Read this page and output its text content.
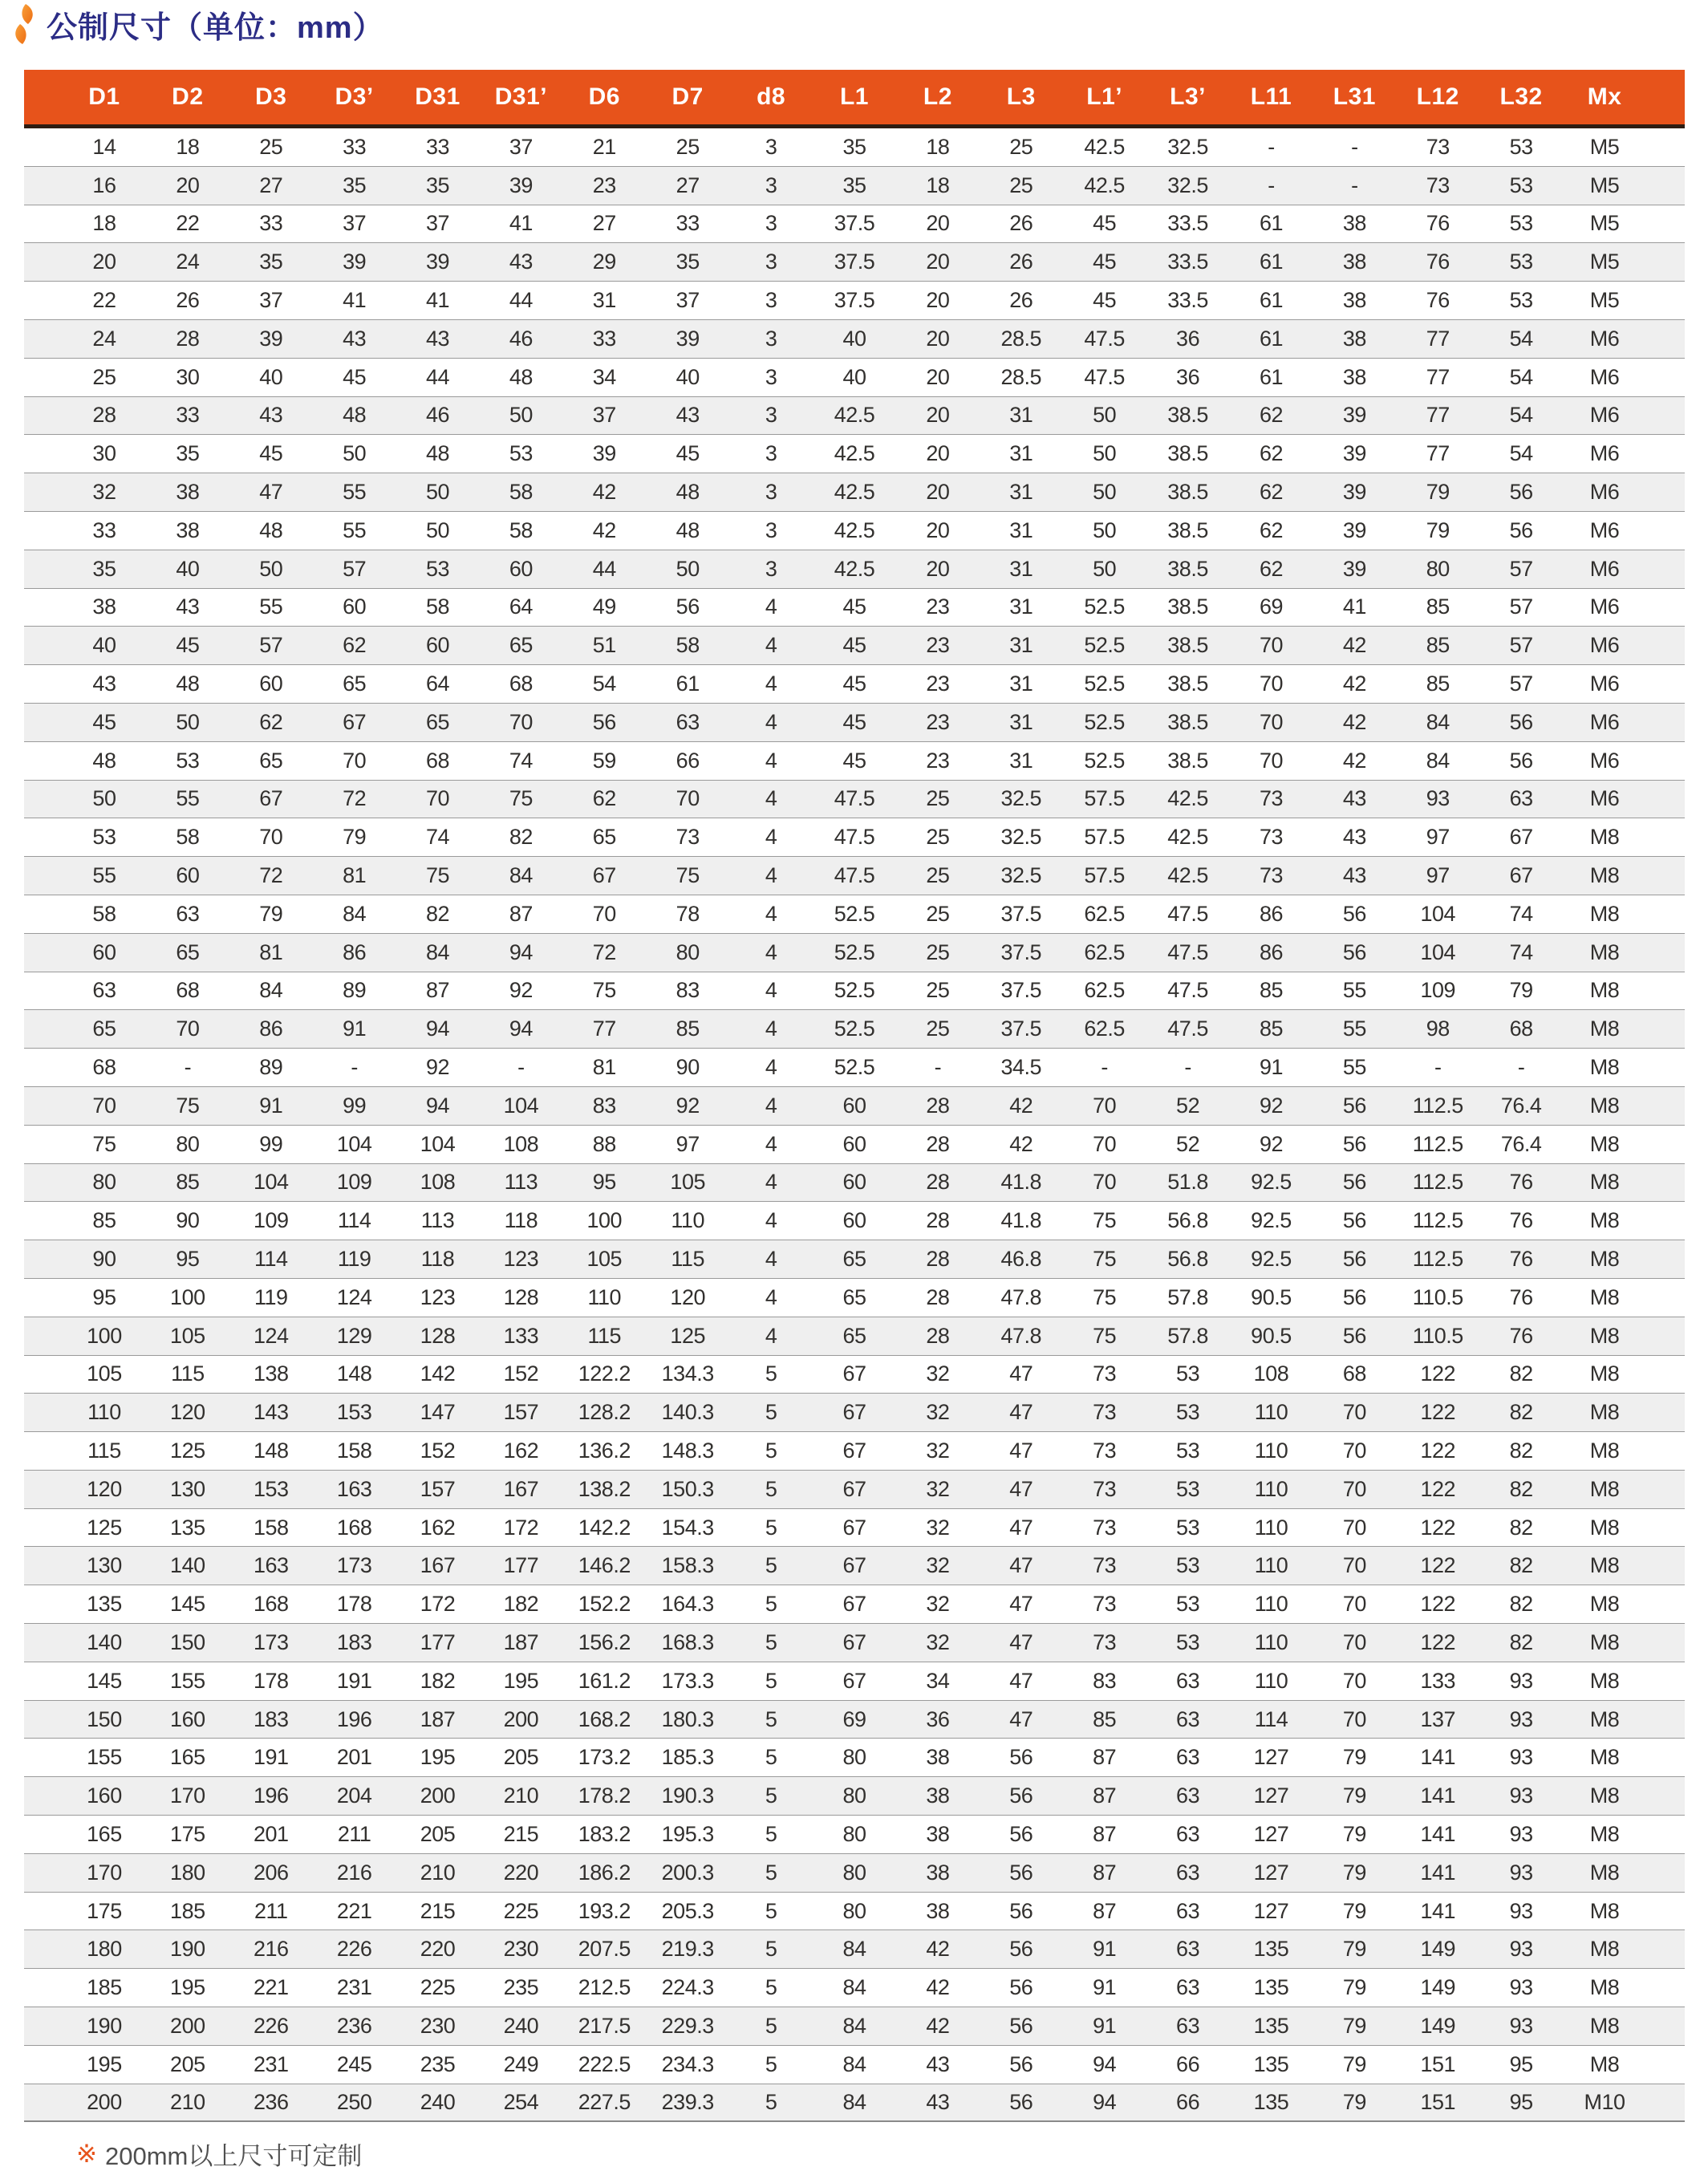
公制尺寸（单位：mm）
D1	D2	D3	D3’	D31	D31’	D6	D7	d8	L1	L2	L3	L1’	L3’	L11	L31	L12	L32	Mx
14	18	25	33	33	37	21	25	3	35	18	25	42.5	32.5	-	-	73	53	M5
16	20	27	35	35	39	23	27	3	35	18	25	42.5	32.5	-	-	73	53	M5
18	22	33	37	37	41	27	33	3	37.5	20	26	45	33.5	61	38	76	53	M5
20	24	35	39	39	43	29	35	3	37.5	20	26	45	33.5	61	38	76	53	M5
22	26	37	41	41	44	31	37	3	37.5	20	26	45	33.5	61	38	76	53	M5
24	28	39	43	43	46	33	39	3	40	20	28.5	47.5	36	61	38	77	54	M6
25	30	40	45	44	48	34	40	3	40	20	28.5	47.5	36	61	38	77	54	M6
28	33	43	48	46	50	37	43	3	42.5	20	31	50	38.5	62	39	77	54	M6
30	35	45	50	48	53	39	45	3	42.5	20	31	50	38.5	62	39	77	54	M6
32	38	47	55	50	58	42	48	3	42.5	20	31	50	38.5	62	39	79	56	M6
33	38	48	55	50	58	42	48	3	42.5	20	31	50	38.5	62	39	79	56	M6
35	40	50	57	53	60	44	50	3	42.5	20	31	50	38.5	62	39	80	57	M6
38	43	55	60	58	64	49	56	4	45	23	31	52.5	38.5	69	41	85	57	M6
40	45	57	62	60	65	51	58	4	45	23	31	52.5	38.5	70	42	85	57	M6
43	48	60	65	64	68	54	61	4	45	23	31	52.5	38.5	70	42	85	57	M6
45	50	62	67	65	70	56	63	4	45	23	31	52.5	38.5	70	42	84	56	M6
48	53	65	70	68	74	59	66	4	45	23	31	52.5	38.5	70	42	84	56	M6
50	55	67	72	70	75	62	70	4	47.5	25	32.5	57.5	42.5	73	43	93	63	M6
53	58	70	79	74	82	65	73	4	47.5	25	32.5	57.5	42.5	73	43	97	67	M8
55	60	72	81	75	84	67	75	4	47.5	25	32.5	57.5	42.5	73	43	97	67	M8
58	63	79	84	82	87	70	78	4	52.5	25	37.5	62.5	47.5	86	56	104	74	M8
60	65	81	86	84	94	72	80	4	52.5	25	37.5	62.5	47.5	86	56	104	74	M8
63	68	84	89	87	92	75	83	4	52.5	25	37.5	62.5	47.5	85	55	109	79	M8
65	70	86	91	94	94	77	85	4	52.5	25	37.5	62.5	47.5	85	55	98	68	M8
68	-	89	-	92	-	81	90	4	52.5	-	34.5	-	-	91	55	-	-	M8
70	75	91	99	94	104	83	92	4	60	28	42	70	52	92	56	112.5	76.4	M8
75	80	99	104	104	108	88	97	4	60	28	42	70	52	92	56	112.5	76.4	M8
80	85	104	109	108	113	95	105	4	60	28	41.8	70	51.8	92.5	56	112.5	76	M8
85	90	109	114	113	118	100	110	4	60	28	41.8	75	56.8	92.5	56	112.5	76	M8
90	95	114	119	118	123	105	115	4	65	28	46.8	75	56.8	92.5	56	112.5	76	M8
95	100	119	124	123	128	110	120	4	65	28	47.8	75	57.8	90.5	56	110.5	76	M8
100	105	124	129	128	133	115	125	4	65	28	47.8	75	57.8	90.5	56	110.5	76	M8
105	115	138	148	142	152	122.2	134.3	5	67	32	47	73	53	108	68	122	82	M8
110	120	143	153	147	157	128.2	140.3	5	67	32	47	73	53	110	70	122	82	M8
115	125	148	158	152	162	136.2	148.3	5	67	32	47	73	53	110	70	122	82	M8
120	130	153	163	157	167	138.2	150.3	5	67	32	47	73	53	110	70	122	82	M8
125	135	158	168	162	172	142.2	154.3	5	67	32	47	73	53	110	70	122	82	M8
130	140	163	173	167	177	146.2	158.3	5	67	32	47	73	53	110	70	122	82	M8
135	145	168	178	172	182	152.2	164.3	5	67	32	47	73	53	110	70	122	82	M8
140	150	173	183	177	187	156.2	168.3	5	67	32	47	73	53	110	70	122	82	M8
145	155	178	191	182	195	161.2	173.3	5	67	34	47	83	63	110	70	133	93	M8
150	160	183	196	187	200	168.2	180.3	5	69	36	47	85	63	114	70	137	93	M8
155	165	191	201	195	205	173.2	185.3	5	80	38	56	87	63	127	79	141	93	M8
160	170	196	204	200	210	178.2	190.3	5	80	38	56	87	63	127	79	141	93	M8
165	175	201	211	205	215	183.2	195.3	5	80	38	56	87	63	127	79	141	93	M8
170	180	206	216	210	220	186.2	200.3	5	80	38	56	87	63	127	79	141	93	M8
175	185	211	221	215	225	193.2	205.3	5	80	38	56	87	63	127	79	141	93	M8
180	190	216	226	220	230	207.5	219.3	5	84	42	56	91	63	135	79	149	93	M8
185	195	221	231	225	235	212.5	224.3	5	84	42	56	91	63	135	79	149	93	M8
190	200	226	236	230	240	217.5	229.3	5	84	42	56	91	63	135	79	149	93	M8
195	205	231	245	235	249	222.5	234.3	5	84	43	56	94	66	135	79	151	95	M8
200	210	236	250	240	254	227.5	239.3	5	84	43	56	94	66	135	79	151	95	M10
※ 200mm以上尺寸可定制
